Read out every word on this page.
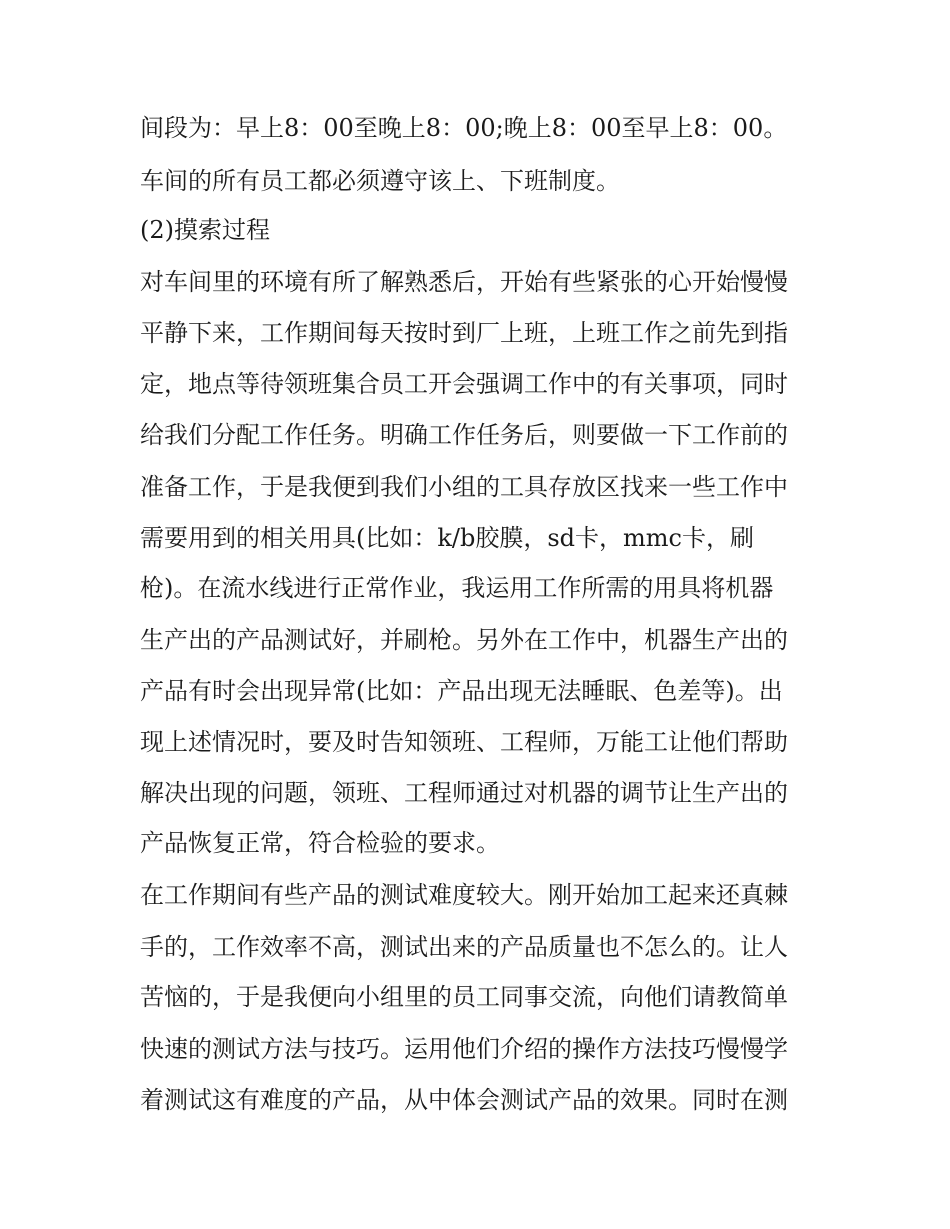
间段为：早上8：00至晚上8：00;晚上8：00至早上8：00。
车间的所有员工都必须遵守该上、下班制度。
(2)摸索过程
对车间里的环境有所了解熟悉后，开始有些紧张的心开始慢慢
平静下来，工作期间每天按时到厂上班，上班工作之前先到指
定，地点等待领班集合员工开会强调工作中的有关事项，同时
给我们分配工作任务。明确工作任务后，则要做一下工作前的
准备工作，于是我便到我们小组的工具存放区找来一些工作中
需要用到的相关用具(比如：k/b胶膜，sd卡，mmc卡，刷
枪)。在流水线进行正常作业，我运用工作所需的用具将机器
生产出的产品测试好，并刷枪。另外在工作中，机器生产出的
产品有时会出现异常(比如：产品出现无法睡眠、色差等)。出
现上述情况时，要及时告知领班、工程师，万能工让他们帮助
解决出现的问题，领班、工程师通过对机器的调节让生产出的
产品恢复正常，符合检验的要求。
在工作期间有些产品的测试难度较大。刚开始加工起来还真棘
手的，工作效率不高，测试出来的产品质量也不怎么的。让人
苦恼的，于是我便向小组里的员工同事交流，向他们请教简单
快速的测试方法与技巧。运用他们介绍的操作方法技巧慢慢学
着测试这有难度的产品，从中体会测试产品的效果。同时在测
